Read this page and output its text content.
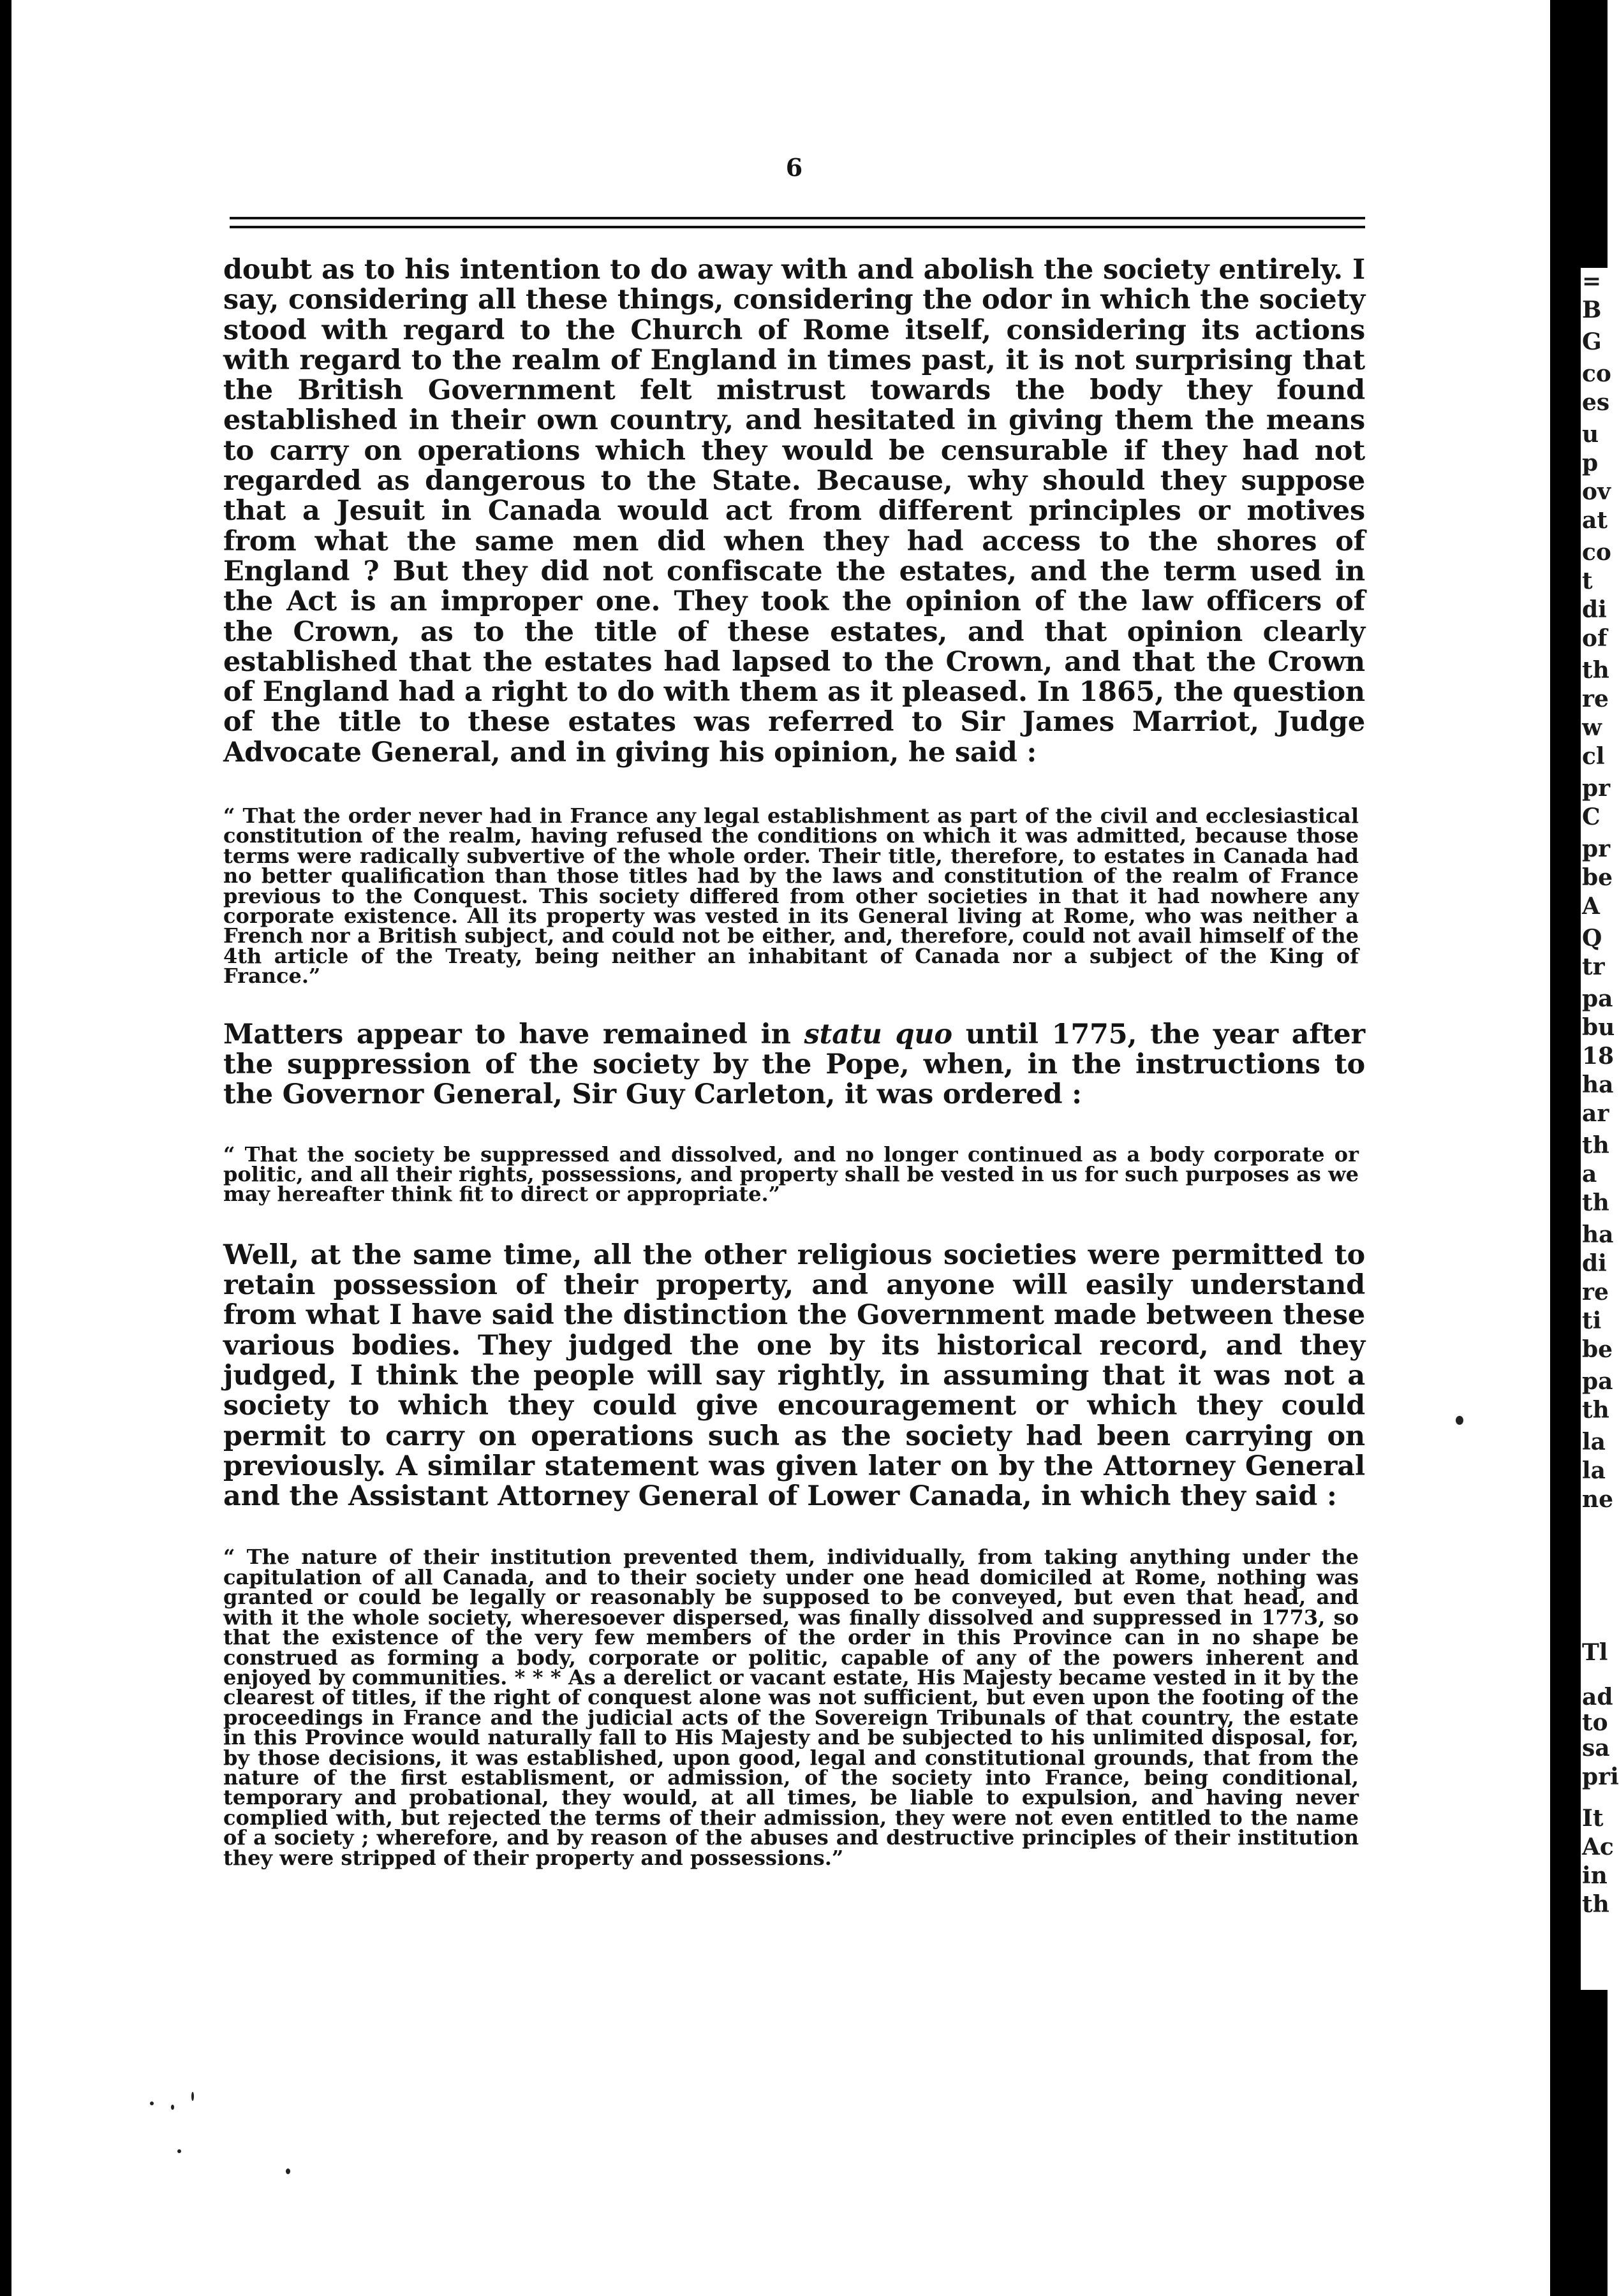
6

doubt as to his intention to do away with and abolish the society entirely. I say, considering all these things, considering the odor in which the society stood with regard to the Church of Rome itself, considering its actions with regard to the realm of England in times past, it is not surprising that the British Government felt mistrust towards the body they found established in their own country, and hesitated in giving them the means to carry on operations which they would be censurable if they had not regarded as dangerous to the State. Because, why should they suppose that a Jesuit in Canada would act from different principles or motives from what the same men did when they had access to the shores of England ? But they did not confiscate the estates, and the term used in the Act is an improper one. They took the opinion of the law officers of the Crown, as to the title of these estates, and that opinion clearly established that the estates had lapsed to the Crown, and that the Crown of England had a right to do with them as it pleased. In 1865, the question of the title to these estates was referred to Sir James Marriot, Judge Advocate General, and in giving his opinion, he said :

“ That the order never had in France any legal establishment as part of the civil and ecclesiastical constitution of the realm, having refused the conditions on which it was admitted, because those terms were radically subvertive of the whole order. Their title, therefore, to estates in Canada had no better qualification than those titles had by the laws and constitution of the realm of France previous to the Conquest. This society differed from other societies in that it had nowhere any corporate existence. All its property was vested in its General living at Rome, who was neither a French nor a British subject, and could not be either, and, therefore, could not avail himself of the 4th article of the Treaty, being neither an inhabitant of Canada nor a subject of the King of France.”

Matters appear to have remained in statu quo until 1775, the year after the suppression of the society by the Pope, when, in the instructions to the Governor General, Sir Guy Carleton, it was ordered :

“ That the society be suppressed and dissolved, and no longer continued as a body corporate or politic, and all their rights, possessions, and property shall be vested in us for such purposes as we may hereafter think fit to direct or appropriate.”

Well, at the same time, all the other religious societies were permitted to retain possession of their property, and anyone will easily understand from what I have said the distinction the Government made between these various bodies. They judged the one by its historical record, and they judged, I think the people will say rightly, in assuming that it was not a society to which they could give encouragement or which they could permit to carry on operations such as the society had been carrying on previously. A similar statement was given later on by the Attorney General and the Assistant Attorney General of Lower Canada, in which they said :

“ The nature of their institution prevented them, individually, from taking anything under the capitulation of all Canada, and to their society under one head domiciled at Rome, nothing was granted or could be legally or reasonably be supposed to be conveyed, but even that head, and with it the whole society, wheresoever dispersed, was finally dissolved and suppressed in 1773, so that the existence of the very few members of the order in this Province can in no shape be construed as forming a body, corporate or politic, capable of any of the powers inherent and enjoyed by communities. * * * As a derelict or vacant estate, His Majesty became vested in it by the clearest of titles, if the right of conquest alone was not sufficient, but even upon the footing of the proceedings in France and the judicial acts of the Sovereign Tribunals of that country, the estate in this Province would naturally fall to His Majesty and be subjected to his unlimited disposal, for, by those decisions, it was established, upon good, legal and constitutional grounds, that from the nature of the first establisment, or admission, of the society into France, being conditional, temporary and probational, they would, at all times, be liable to expulsion, and having never complied with, but rejected the terms of their admission, they were not even entitled to the name of a society ; wherefore, and by reason of the abuses and destructive principles of their institution they were stripped of their property and possessions.”

=
B
G
co
es
u
p
ov
at
co
t
di
of
th
re
w
cl
pr
C
pr
be
A
Q
tr
pa
bu
18
ha
ar
th
a
th
ha
di
re
ti
be
pa
th
la
la
ne
Tl
ad
to
sa
pri
It
Ac
in
th
